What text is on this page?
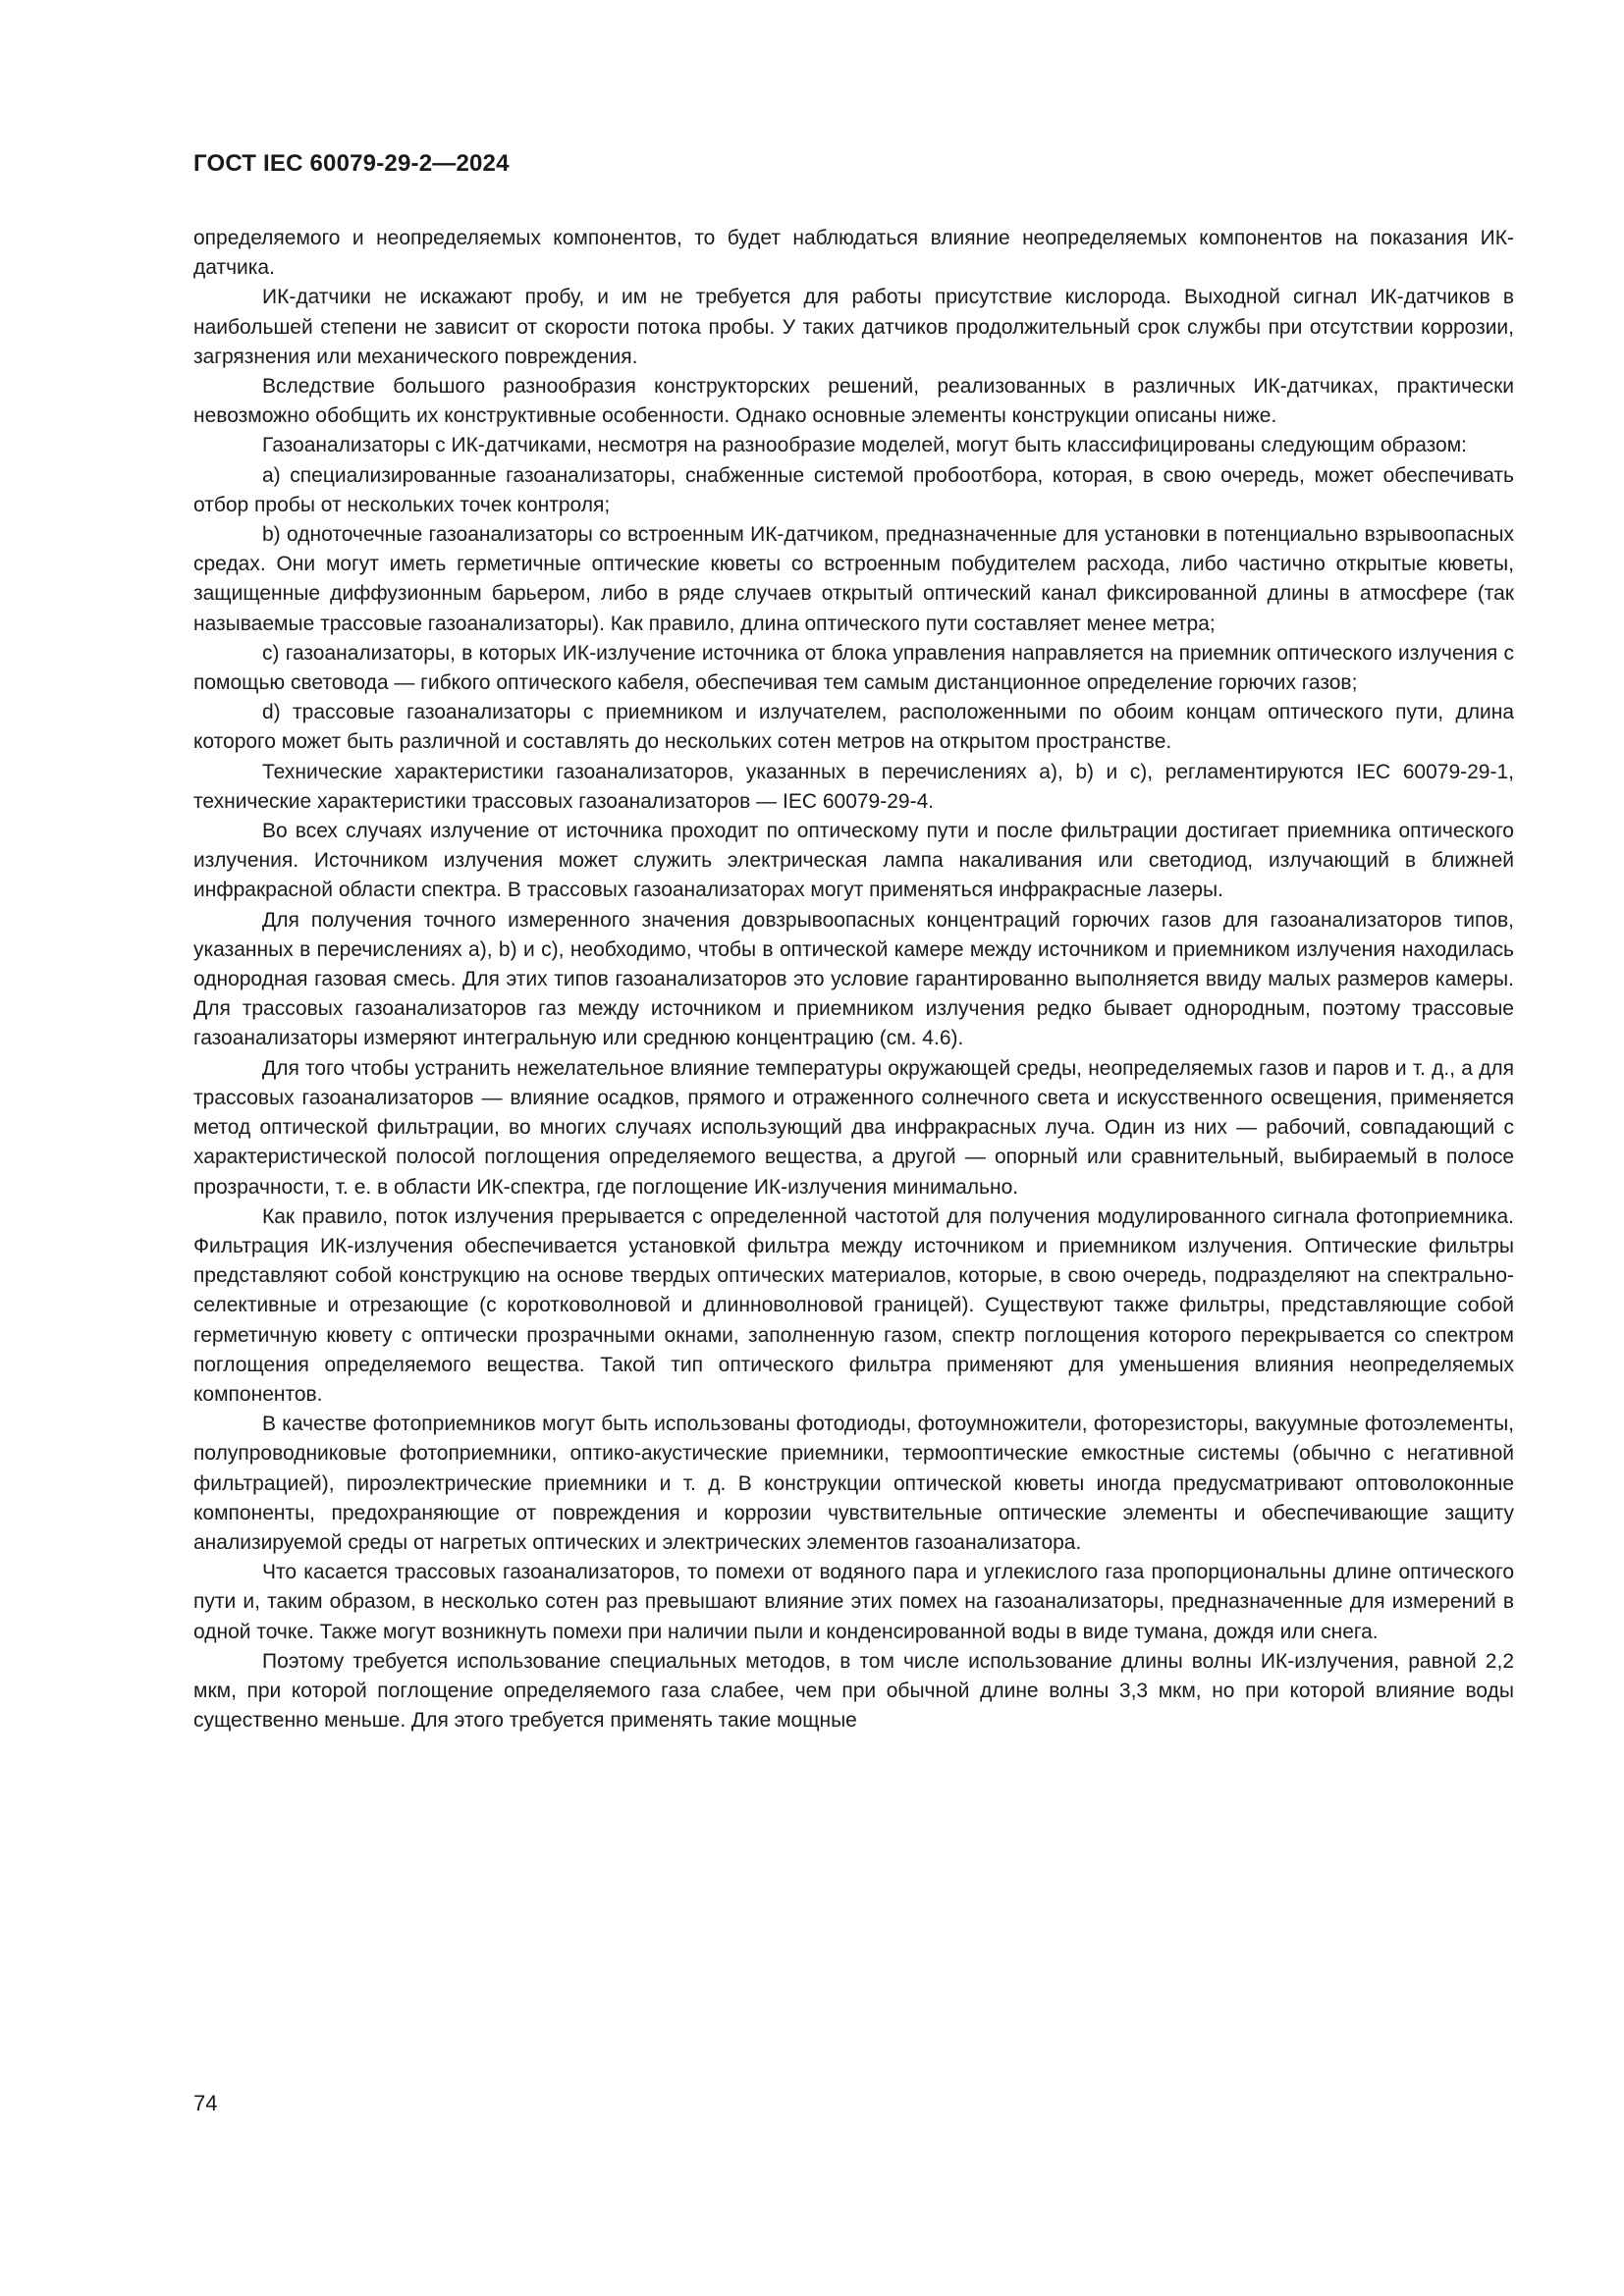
ГОСТ IEC 60079-29-2—2024

определяемого и неопределяемых компонентов, то будет наблюдаться влияние неопределяемых компонентов на показания ИК-датчика.

ИК-датчики не искажают пробу, и им не требуется для работы присутствие кислорода. Выходной сигнал ИК-датчиков в наибольшей степени не зависит от скорости потока пробы. У таких датчиков продолжительный срок службы при отсутствии коррозии, загрязнения или механического повреждения.

Вследствие большого разнообразия конструкторских решений, реализованных в различных ИК-датчиках, практически невозможно обобщить их конструктивные особенности. Однако основные элементы конструкции описаны ниже.

Газоанализаторы с ИК-датчиками, несмотря на разнообразие моделей, могут быть классифицированы следующим образом:

a) специализированные газоанализаторы, снабженные системой пробоотбора, которая, в свою очередь, может обеспечивать отбор пробы от нескольких точек контроля;

b) одноточечные газоанализаторы со встроенным ИК-датчиком, предназначенные для установки в потенциально взрывоопасных средах. Они могут иметь герметичные оптические кюветы со встроенным побудителем расхода, либо частично открытые кюветы, защищенные диффузионным барьером, либо в ряде случаев открытый оптический канал фиксированной длины в атмосфере (так называемые трассовые газоанализаторы). Как правило, длина оптического пути составляет менее метра;

c) газоанализаторы, в которых ИК-излучение источника от блока управления направляется на приемник оптического излучения с помощью световода — гибкого оптического кабеля, обеспечивая тем самым дистанционное определение горючих газов;

d) трассовые газоанализаторы с приемником и излучателем, расположенными по обоим концам оптического пути, длина которого может быть различной и составлять до нескольких сотен метров на открытом пространстве.

Технические характеристики газоанализаторов, указанных в перечислениях a), b) и c), регламентируются IEC 60079-29-1, технические характеристики трассовых газоанализаторов — IEC 60079-29-4.

Во всех случаях излучение от источника проходит по оптическому пути и после фильтрации достигает приемника оптического излучения. Источником излучения может служить электрическая лампа накаливания или светодиод, излучающий в ближней инфракрасной области спектра. В трассовых газоанализаторах могут применяться инфракрасные лазеры.

Для получения точного измеренного значения довзрывоопасных концентраций горючих газов для газоанализаторов типов, указанных в перечислениях a), b) и c), необходимо, чтобы в оптической камере между источником и приемником излучения находилась однородная газовая смесь. Для этих типов газоанализаторов это условие гарантированно выполняется ввиду малых размеров камеры. Для трассовых газоанализаторов газ между источником и приемником излучения редко бывает однородным, поэтому трассовые газоанализаторы измеряют интегральную или среднюю концентрацию (см. 4.6).

Для того чтобы устранить нежелательное влияние температуры окружающей среды, неопределяемых газов и паров и т. д., а для трассовых газоанализаторов — влияние осадков, прямого и отраженного солнечного света и искусственного освещения, применяется метод оптической фильтрации, во многих случаях использующий два инфракрасных луча. Один из них — рабочий, совпадающий с характеристической полосой поглощения определяемого вещества, а другой — опорный или сравнительный, выбираемый в полосе прозрачности, т. е. в области ИК-спектра, где поглощение ИК-излучения минимально.

Как правило, поток излучения прерывается с определенной частотой для получения модулированного сигнала фотоприемника. Фильтрация ИК-излучения обеспечивается установкой фильтра между источником и приемником излучения. Оптические фильтры представляют собой конструкцию на основе твердых оптических материалов, которые, в свою очередь, подразделяют на спектрально-селективные и отрезающие (с коротковолновой и длинноволновой границей). Существуют также фильтры, представляющие собой герметичную кювету с оптически прозрачными окнами, заполненную газом, спектр поглощения которого перекрывается со спектром поглощения определяемого вещества. Такой тип оптического фильтра применяют для уменьшения влияния неопределяемых компонентов.

В качестве фотоприемников могут быть использованы фотодиоды, фотоумножители, фоторезисторы, вакуумные фотоэлементы, полупроводниковые фотоприемники, оптико-акустические приемники, термооптические емкостные системы (обычно с негативной фильтрацией), пироэлектрические приемники и т. д. В конструкции оптической кюветы иногда предусматривают оптоволоконные компоненты, предохраняющие от повреждения и коррозии чувствительные оптические элементы и обеспечивающие защиту анализируемой среды от нагретых оптических и электрических элементов газоанализатора.

Что касается трассовых газоанализаторов, то помехи от водяного пара и углекислого газа пропорциональны длине оптического пути и, таким образом, в несколько сотен раз превышают влияние этих помех на газоанализаторы, предназначенные для измерений в одной точке. Также могут возникнуть помехи при наличии пыли и конденсированной воды в виде тумана, дождя или снега.

Поэтому требуется использование специальных методов, в том числе использование длины волны ИК-излучения, равной 2,2 мкм, при которой поглощение определяемого газа слабее, чем при обычной длине волны 3,3 мкм, но при которой влияние воды существенно меньше. Для этого требуется применять такие мощные

74
